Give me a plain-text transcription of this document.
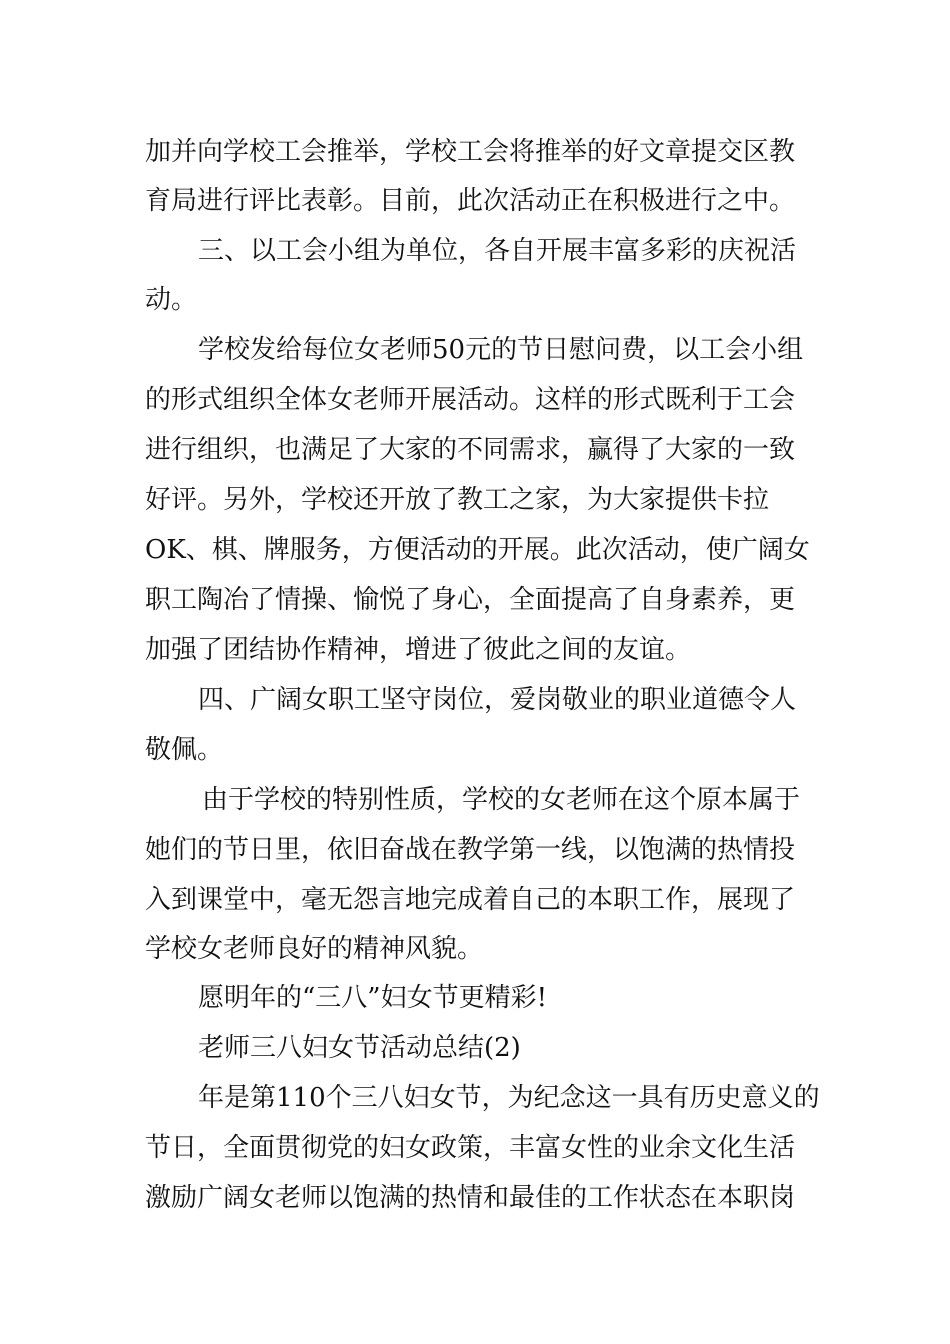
加并向学校工会推举，学校工会将推举的好文章提交区教
育局进行评比表彰。目前，此次活动正在积极进行之中。
三、以工会小组为单位，各自开展丰富多彩的庆祝活
动。
学校发给每位女老师50元的节日慰问费，以工会小组
的形式组织全体女老师开展活动。这样的形式既利于工会
进行组织，也满足了大家的不同需求，赢得了大家的一致
好评。另外，学校还开放了教工之家，为大家提供卡拉
OK、棋、牌服务，方便活动的开展。此次活动，使广阔女
职工陶冶了情操、愉悦了身心，全面提高了自身素养，更
加强了团结协作精神，增进了彼此之间的友谊。
四、广阔女职工坚守岗位，爱岗敬业的职业道德令人
敬佩。
由于学校的特别性质，学校的女老师在这个原本属于
她们的节日里，依旧奋战在教学第一线，以饱满的热情投
入到课堂中，毫无怨言地完成着自己的本职工作，展现了
学校女老师良好的精神风貌。
愿明年的“三八”妇女节更精彩!
老师三八妇女节活动总结(2)
年是第110个三八妇女节，为纪念这一具有历史意义的
节日，全面贯彻党的妇女政策，丰富女性的业余文化生活
激励广阔女老师以饱满的热情和最佳的工作状态在本职岗
